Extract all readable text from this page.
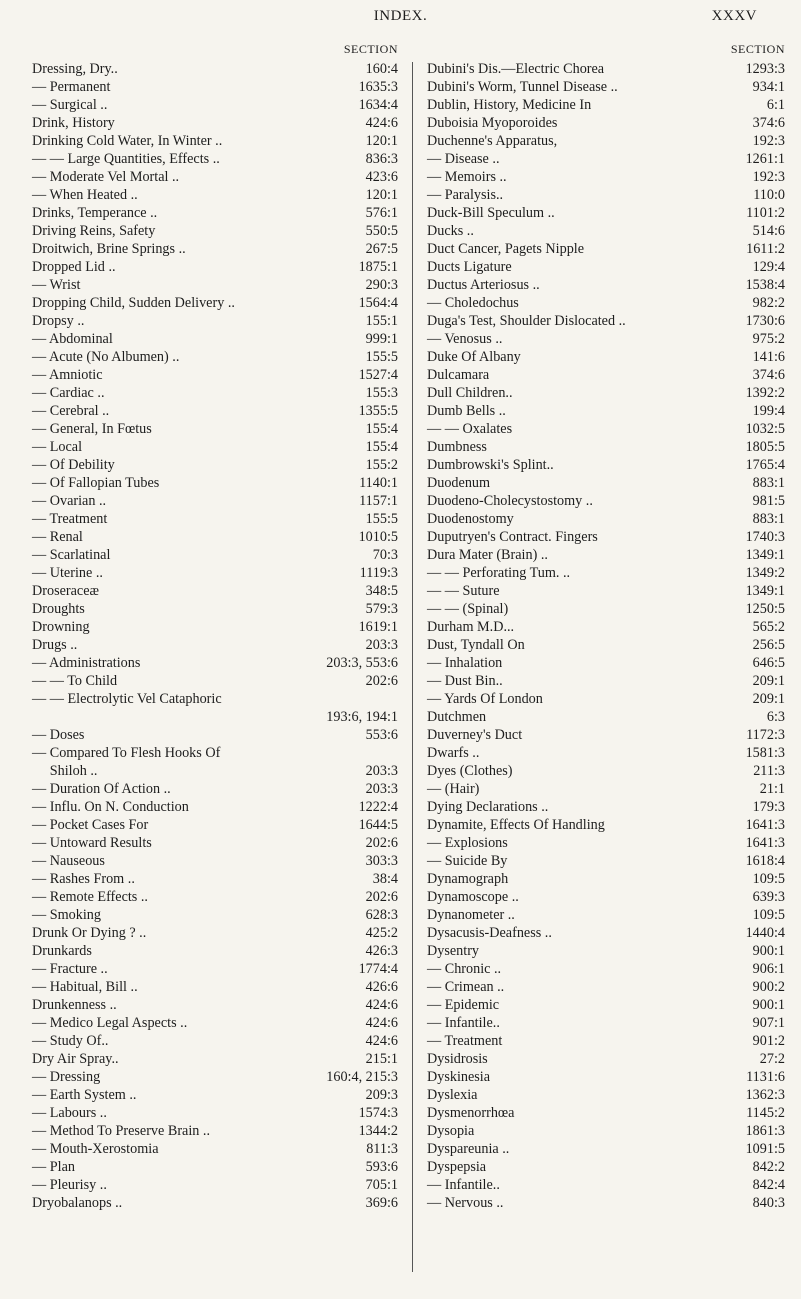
INDEX.	XXXV
SECTION
Dressing, Dry..	160:4
— Permanent	1635:3
— Surgical ..	1634:4
Drink, History	424:6
Drinking Cold Water, In Winter ..	120:1
— — Large Quantities, Effects ..	836:3
— Moderate Vel Mortal ..	423:6
— When Heated ..	120:1
Drinks, Temperance ..	576:1
Driving Reins, Safety	550:5
Droitwich, Brine Springs ..	267:5
Dropped Lid ..	1875:1
— Wrist	290:3
Dropping Child, Sudden Delivery ..	1564:4
Dropsy ..	155:1
— Abdominal	999:1
— Acute (No Albumen) ..	155:5
— Amniotic	1527:4
— Cardiac ..	155:3
— Cerebral ..	1355:5
— General, In Fœtus	155:4
— Local	155:4
— Of Debility	155:2
— Of Fallopian Tubes	1140:1
— Ovarian ..	1157:1
— Treatment	155:5
— Renal	1010:5
— Scarlatinal	70:3
— Uterine ..	1119:3
Droseraceæ	348:5
Droughts	579:3
Drowning	1619:1
Drugs ..	203:3
— Administrations	203:3, 553:6
— — To Child	202:6
— — Electrolytic Vel Cataphoric
193:6, 194:1
— Doses	553:6
— Compared To Flesh Hooks Of
Shiloh ..	203:3
— Duration Of Action ..	203:3
— Influ. On N. Conduction	1222:4
— Pocket Cases For	1644:5
— Untoward Results	202:6
— Nauseous	303:3
— Rashes From ..	38:4
— Remote Effects ..	202:6
— Smoking	628:3
Drunk Or Dying ? ..	425:2
Drunkards	426:3
— Fracture ..	1774:4
— Habitual, Bill ..	426:6
Drunkenness ..	424:6
— Medico Legal Aspects ..	424:6
— Study Of..	424:6
Dry Air Spray..	215:1
— Dressing	160:4, 215:3
— Earth System ..	209:3
— Labours ..	1574:3
— Method To Preserve Brain ..	1344:2
— Mouth-Xerostomia	811:3
— Plan	593:6
— Pleurisy ..	705:1
Dryobalanops ..	369:6
SECTION
Dubini's Dis.—Electric Chorea	1293:3
Dubini's Worm, Tunnel Disease ..	934:1
Dublin, History, Medicine In	6:1
Duboisia Myoporoides	374:6
Duchenne's Apparatus,	192:3
— Disease ..	1261:1
— Memoirs ..	192:3
— Paralysis..	110:0
Duck-Bill Speculum ..	1101:2
Ducks ..	514:6
Duct Cancer, Pagets Nipple	1611:2
Ducts Ligature	129:4
Ductus Arteriosus ..	1538:4
— Choledochus	982:2
Duga's Test, Shoulder Dislocated ..	1730:6
— Venosus ..	975:2
Duke Of Albany	141:6
Dulcamara	374:6
Dull Children..	1392:2
Dumb Bells ..	199:4
— — Oxalates	1032:5
Dumbness	1805:5
Dumbrowski's Splint..	1765:4
Duodenum	883:1
Duodeno-Cholecystostomy ..	981:5
Duodenostomy	883:1
Duputryen's Contract. Fingers	1740:3
Dura Mater (Brain) ..	1349:1
— — Perforating Tum. ..	1349:2
— — Suture	1349:1
— — (Spinal)	1250:5
Durham M.D...	565:2
Dust, Tyndall On	256:5
— Inhalation	646:5
— Dust Bin..	209:1
— Yards Of London	209:1
Dutchmen	6:3
Duverney's Duct	1172:3
Dwarfs ..	1581:3
Dyes (Clothes)	211:3
— (Hair)	21:1
Dying Declarations ..	179:3
Dynamite, Effects Of Handling	1641:3
— Explosions	1641:3
— Suicide By	1618:4
Dynamograph	109:5
Dynamoscope ..	639:3
Dynanometer ..	109:5
Dysacusis-Deafness ..	1440:4
Dysentry	900:1
— Chronic ..	906:1
— Crimean ..	900:2
— Epidemic	900:1
— Infantile..	907:1
— Treatment	901:2
Dysidrosis	27:2
Dyskinesia	1131:6
Dyslexia	1362:3
Dysmenorrhœa	1145:2
Dysopia	1861:3
Dyspareunia ..	1091:5
Dyspepsia	842:2
— Infantile..	842:4
— Nervous ..	840:3
